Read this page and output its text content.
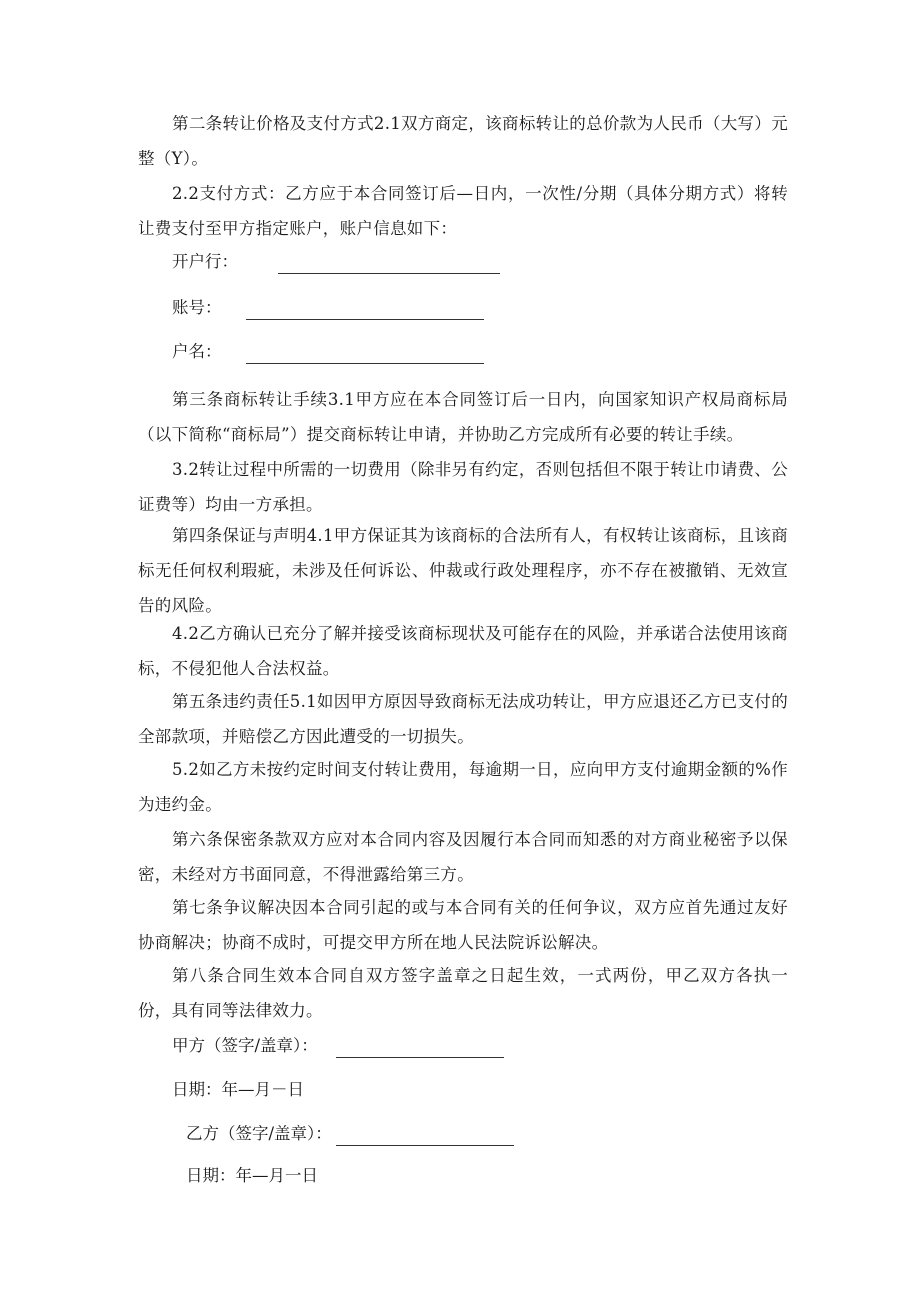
第二条转让价格及支付方式2.1双方商定，该商标转让的总价款为人民币（大写）元整（Y）。

2.2支付方式：乙方应于本合同签订后—日内，一次性/分期（具体分期方式）将转让费支付至甲方指定账户，账户信息如下：

开户行：
账号：
户名：

第三条商标转让手续3.1甲方应在本合同签订后一日内，向国家知识产权局商标局（以下简称“商标局”）提交商标转让申请，并协助乙方完成所有必要的转让手续。

3.2转让过程中所需的一切费用（除非另有约定，否则包括但不限于转让巾请费、公证费等）均由一方承担。

第四条保证与声明4.1甲方保证其为该商标的合法所有人，有权转让该商标，且该商标无任何权利瑕疵，未涉及任何诉讼、仲裁或行政处理程序，亦不存在被撤销、无效宣告的风险。

4.2乙方确认已充分了解并接受该商标现状及可能存在的风险，并承诺合法使用该商标，不侵犯他人合法权益。

第五条违约责任5.1如因甲方原因导致商标无法成功转让，甲方应退还乙方已支付的全部款项，并赔偿乙方因此遭受的一切损失。

5.2如乙方未按约定时间支付转让费用，每逾期一日，应向甲方支付逾期金额的%作为违约金。

第六条保密条款双方应对本合同内容及因履行本合同而知悉的对方商业秘密予以保密，未经对方书面同意，不得泄露给第三方。

第七条争议解决因本合同引起的或与本合同有关的任何争议，双方应首先通过友好协商解决；协商不成时，可提交甲方所在地人民法院诉讼解决。

第八条合同生效本合同自双方签字盖章之日起生效，一式两份，甲乙双方各执一份，具有同等法律效力。

甲方（签字/盖章）：
日期：年—月－日
乙方（签字/盖章）：
日期：年—月一日
